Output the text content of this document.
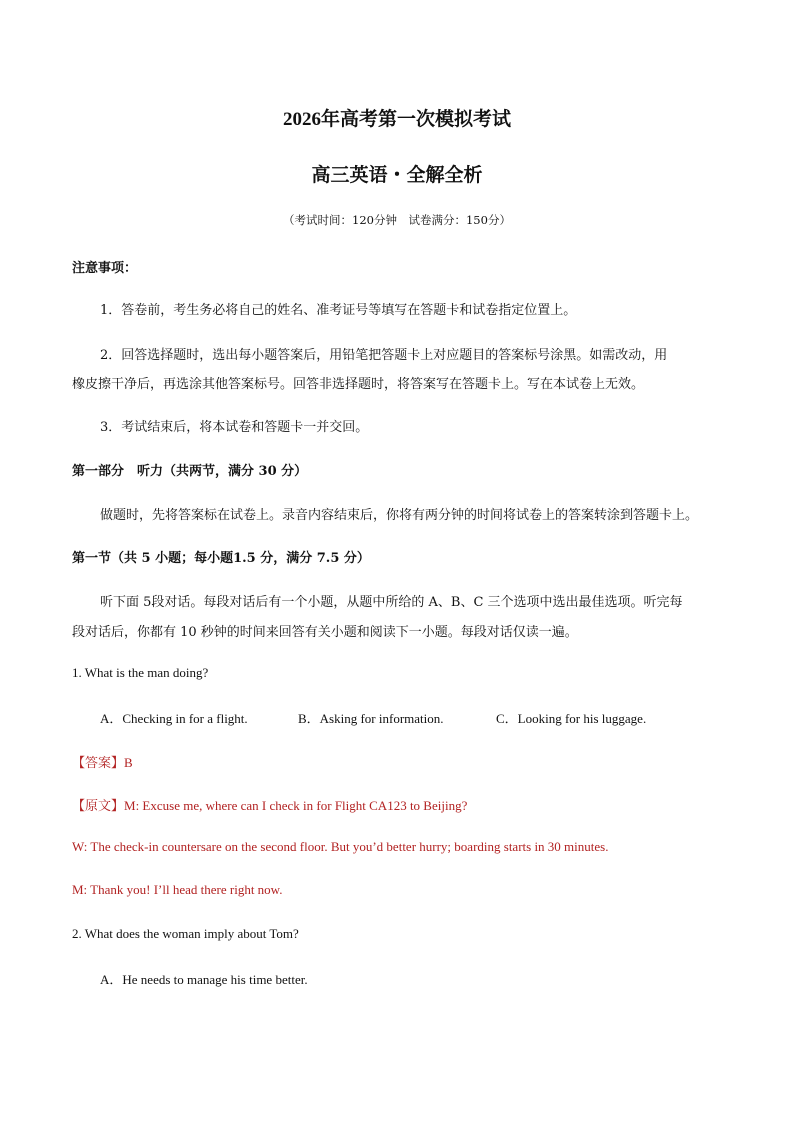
2026年高考第一次模拟考试
高三英语・全解全析
（考试时间：120分钟　试卷满分：150分）
注意事项：
1．答卷前，考生务必将自己的姓名、准考证号等填写在答题卡和试卷指定位置上。
2．回答选择题时，选出每小题答案后，用铅笔把答题卡上对应题目的答案标号涂黑。如需改动，用
橡皮擦干净后，再选涂其他答案标号。回答非选择题时，将答案写在答题卡上。写在本试卷上无效。
3．考试结束后，将本试卷和答题卡一并交回。
第一部分　听力（共两节，满分 30 分）
做题时，先将答案标在试卷上。录音内容结束后，你将有两分钟的时间将试卷上的答案转涂到答题卡上。
第一节（共 5 小题；每小题1.5 分，满分 7.5 分）
听下面 5段对话。每段对话后有一个小题，从题中所给的 A、B、C 三个选项中选出最佳选项。听完每
段对话后，你都有 10 秒钟的时间来回答有关小题和阅读下一小题。每段对话仅读一遍。
1. What is the man doing?
A．Checking in for a flight.	B．Asking for information.	C．Looking for his luggage.
【答案】B
【原文】M: Excuse me, where can I check in for Flight CA123 to Beijing?
W: The check-in countersare on the second floor. But you’d better hurry; boarding starts in 30 minutes.
M: Thank you! I’ll head there right now.
2. What does the woman imply about Tom?
A．He needs to manage his time better.
